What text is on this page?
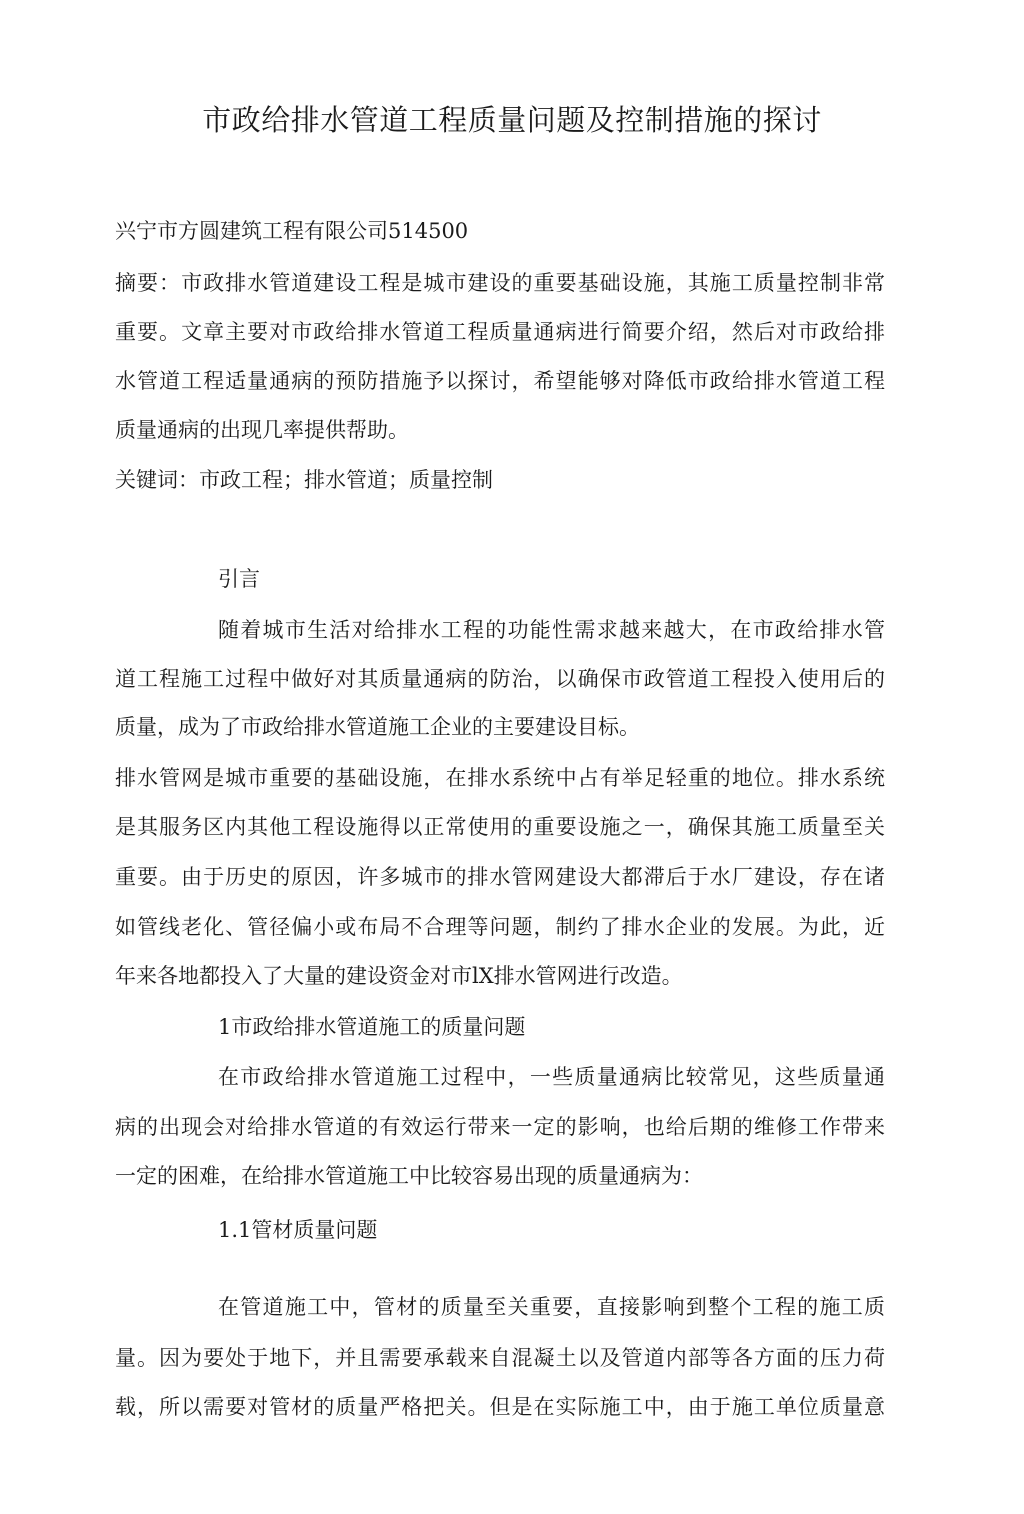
市政给排水管道工程质量问题及控制措施的探讨
兴宁市方圆建筑工程有限公司514500
摘要：市政排水管道建设工程是城市建设的重要基础设施，其施工质量控制非常
重要。文章主要对市政给排水管道工程质量通病进行简要介绍，然后对市政给排
水管道工程适量通病的预防措施予以探讨，希望能够对降低市政给排水管道工程
质量通病的出现几率提供帮助。
关键词：市政工程；排水管道；质量控制
引言
随着城市生活对给排水工程的功能性需求越来越大，在市政给排水管
道工程施工过程中做好对其质量通病的防治，以确保市政管道工程投入使用后的
质量，成为了市政给排水管道施工企业的主要建设目标。
排水管网是城市重要的基础设施，在排水系统中占有举足轻重的地位。排水系统
是其服务区内其他工程设施得以正常使用的重要设施之一，确保其施工质量至关
重要。由于历史的原因，许多城市的排水管网建设大都滞后于水厂建设，存在诸
如管线老化、管径偏小或布局不合理等问题，制约了排水企业的发展。为此，近
年来各地都投入了大量的建设资金对市lX排水管网进行改造。
1市政给排水管道施工的质量问题
在市政给排水管道施工过程中，一些质量通病比较常见，这些质量通
病的出现会对给排水管道的有效运行带来一定的影响，也给后期的维修工作带来
一定的困难，在给排水管道施工中比较容易出现的质量通病为：
1.1管材质量问题
在管道施工中，管材的质量至关重要，直接影响到整个工程的施工质
量。因为要处于地下，并且需要承载来自混凝土以及管道内部等各方面的压力荷
载，所以需要对管材的质量严格把关。但是在实际施工中，由于施工单位质量意
